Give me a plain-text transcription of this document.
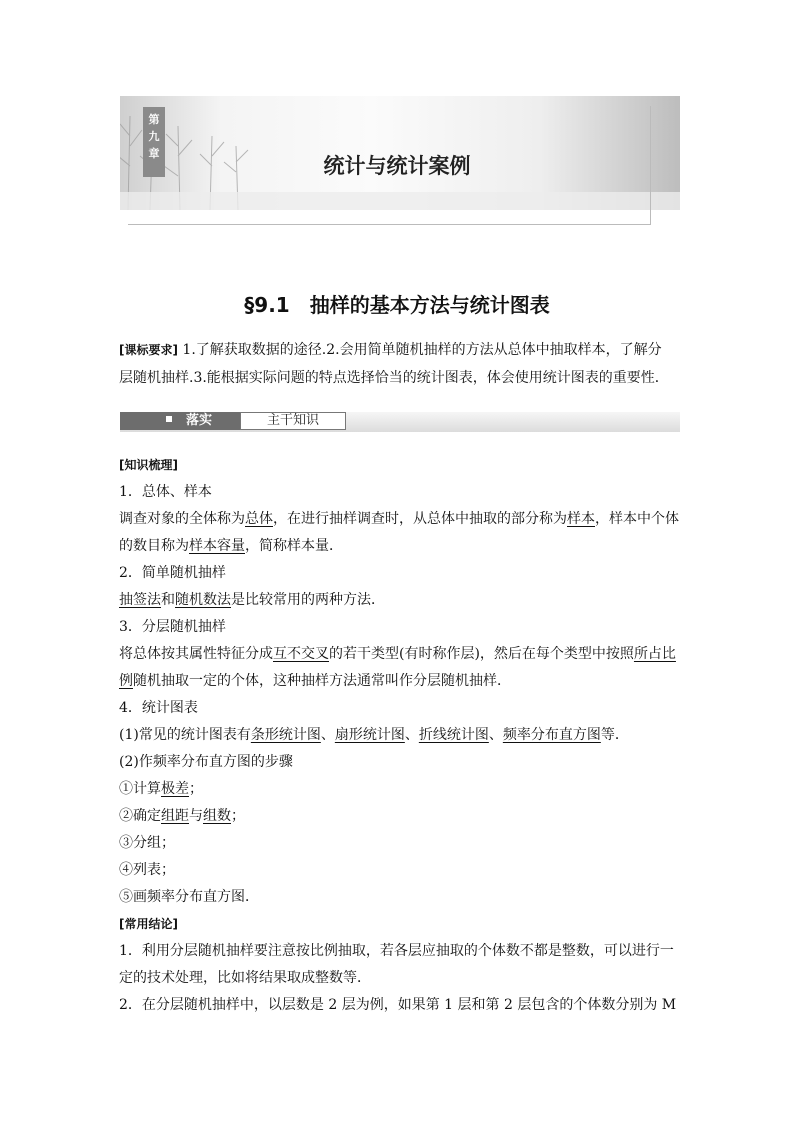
第
九
章
统计与统计案例
§9.1　抽样的基本方法与统计图表
[课标要求] 1.了解获取数据的途径.2.会用简单随机抽样的方法从总体中抽取样本，了解分
层随机抽样.3.能根据实际问题的特点选择恰当的统计图表，体会使用统计图表的重要性．
落实	主干知识
[知识梳理]
1．总体、样本
调查对象的全体称为总体，在进行抽样调查时，从总体中抽取的部分称为样本，样本中个体
的数目称为样本容量，简称样本量．
2．简单随机抽样
抽签法和随机数法是比较常用的两种方法．
3．分层随机抽样
将总体按其属性特征分成互不交叉的若干类型(有时称作层)，然后在每个类型中按照所占比
例随机抽取一定的个体，这种抽样方法通常叫作分层随机抽样．
4．统计图表
(1)常见的统计图表有条形统计图、扇形统计图、折线统计图、频率分布直方图等．
(2)作频率分布直方图的步骤
①计算极差；
②确定组距与组数；
③分组；
④列表；
⑤画频率分布直方图．
[常用结论]
1．利用分层随机抽样要注意按比例抽取，若各层应抽取的个体数不都是整数，可以进行一
定的技术处理，比如将结果取成整数等．
2．在分层随机抽样中，以层数是 2 层为例，如果第 1 层和第 2 层包含的个体数分别为 M
